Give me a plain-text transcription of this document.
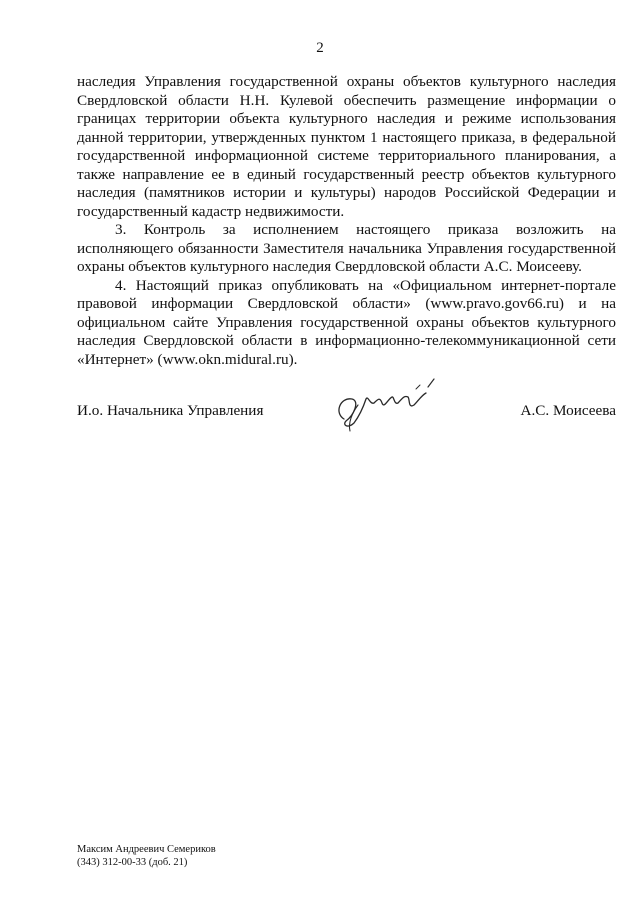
2

наследия Управления государственной охраны объектов культурного наследия Свердловской области Н.Н. Кулевой обеспечить размещение информации о границах территории объекта культурного наследия и режиме использования данной территории, утвержденных пунктом 1 настоящего приказа, в федеральной государственной информационной системе территориального планирования, а также направление ее в единый государственный реестр объектов культурного наследия (памятников истории и культуры) народов Российской Федерации и государственный кадастр недвижимости.

3. Контроль за исполнением настоящего приказа возложить на исполняющего обязанности Заместителя начальника Управления государственной охраны объектов культурного наследия Свердловской области А.С. Моисееву.

4. Настоящий приказ опубликовать на «Официальном интернет-портале правовой информации Свердловской области» (www.pravo.gov66.ru) и на официальном сайте Управления государственной охраны объектов культурного наследия Свердловской области в информационно-телекоммуникационной сети «Интернет» (www.okn.midural.ru).

И.о. Начальника Управления	А.С. Моисеева
Максим Андреевич Семериков
(343) 312-00-33 (доб. 21)
